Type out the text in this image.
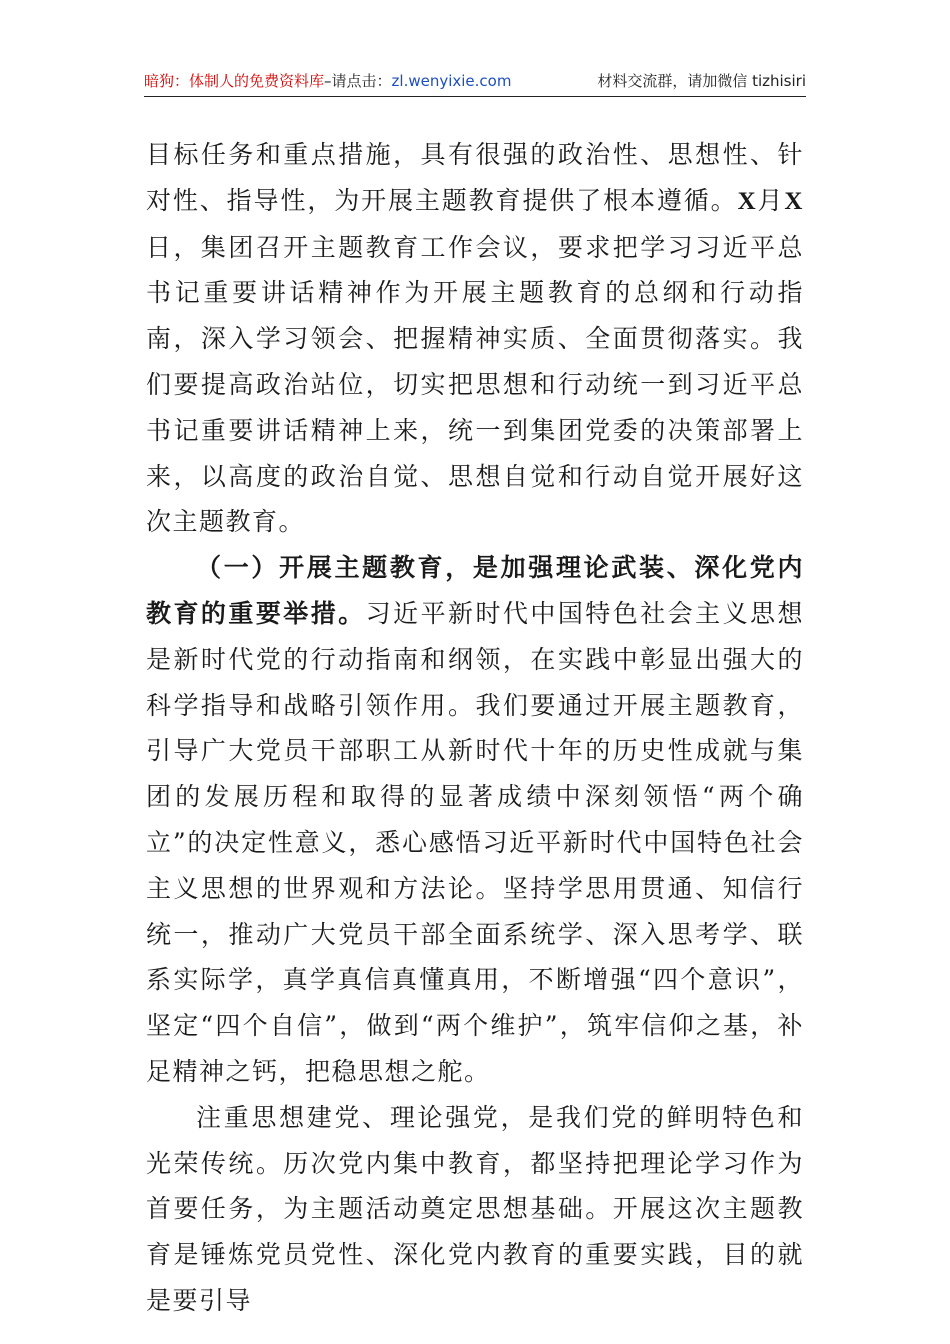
暗狗：体制人的免费资料库–请点击：zl.wenyixie.com	材料交流群，请加微信 tizhisiri

目标任务和重点措施，具有很强的政治性、思想性、针对性、指导性，为开展主题教育提供了根本遵循。X月X日，集团召开主题教育工作会议，要求把学习习近平总书记重要讲话精神作为开展主题教育的总纲和行动指南，深入学习领会、把握精神实质、全面贯彻落实。我们要提高政治站位，切实把思想和行动统一到习近平总书记重要讲话精神上来，统一到集团党委的决策部署上来，以高度的政治自觉、思想自觉和行动自觉开展好这次主题教育。

（一）开展主题教育，是加强理论武装、深化党内教育的重要举措。习近平新时代中国特色社会主义思想是新时代党的行动指南和纲领，在实践中彰显出强大的科学指导和战略引领作用。我们要通过开展主题教育，引导广大党员干部职工从新时代十年的历史性成就与集团的发展历程和取得的显著成绩中深刻领悟“两个确立”的决定性意义，悉心感悟习近平新时代中国特色社会主义思想的世界观和方法论。坚持学思用贯通、知信行统一，推动广大党员干部全面系统学、深入思考学、联系实际学，真学真信真懂真用，不断增强“四个意识”，坚定“四个自信”，做到“两个维护”，筑牢信仰之基，补足精神之钙，把稳思想之舵。

注重思想建党、理论强党，是我们党的鲜明特色和光荣传统。历次党内集中教育，都坚持把理论学习作为首要任务，为主题活动奠定思想基础。开展这次主题教育是锤炼党员党性、深化党内教育的重要实践，目的就是要引导
